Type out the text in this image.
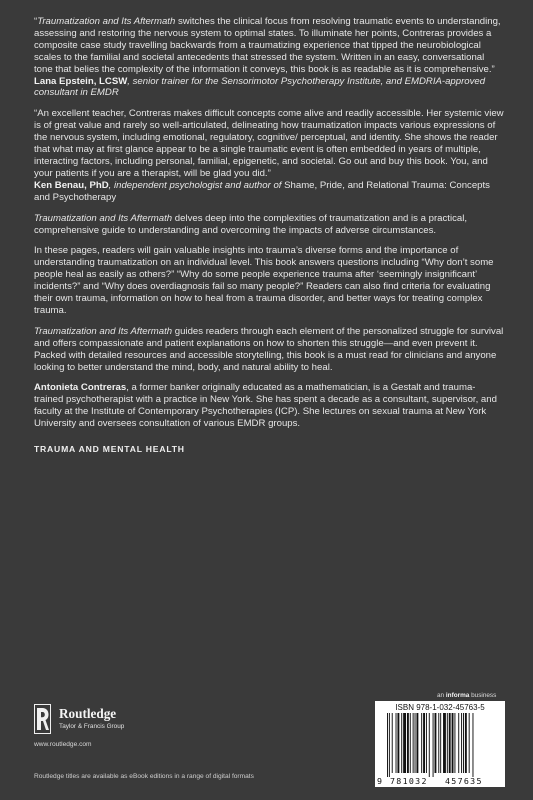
“Traumatization and Its Aftermath switches the clinical focus from resolving traumatic events to understanding, assessing and restoring the nervous system to optimal states. To illuminate her points, Contreras provides a composite case study travelling backwards from a traumatizing experience that tipped the neurobiological scales to the familial and societal antecedents that stressed the system. Written in an easy, conversational tone that belies the complexity of the information it conveys, this book is as readable as it is comprehensive.”
Lana Epstein, LCSW, senior trainer for the Sensorimotor Psychotherapy Institute, and EMDRIA-approved consultant in EMDR

“An excellent teacher, Contreras makes difficult concepts come alive and readily accessible. Her systemic view is of great value and rarely so well-articulated, delineating how traumatization impacts various expressions of the nervous system, including emotional, regulatory, cognitive/ perceptual, and identity. She shows the reader that what may at first glance appear to be a single traumatic event is often embedded in years of multiple, interacting factors, including personal, familial, epigenetic, and societal. Go out and buy this book. You, and your patients if you are a therapist, will be glad you did.”
Ken Benau, PhD, independent psychologist and author of Shame, Pride, and Relational Trauma: Concepts and Psychotherapy

Traumatization and Its Aftermath delves deep into the complexities of traumatization and is a practical, comprehensive guide to understanding and overcoming the impacts of adverse circumstances.

In these pages, readers will gain valuable insights into trauma’s diverse forms and the importance of understanding traumatization on an individual level. This book answers questions including “Why don’t some people heal as easily as others?” “Why do some people experience trauma after ‘seemingly insignificant’ incidents?” and “Why does overdiagnosis fail so many people?” Readers can also find criteria for evaluating their own trauma, information on how to heal from a trauma disorder, and better ways for treating complex trauma.

Traumatization and Its Aftermath guides readers through each element of the personalized struggle for survival and offers compassionate and patient explanations on how to shorten this struggle—and even prevent it. Packed with detailed resources and accessible storytelling, this book is a must read for clinicians and anyone looking to better understand the mind, body, and natural ability to heal.

Antonieta Contreras, a former banker originally educated as a mathematician, is a Gestalt and trauma-trained psychotherapist with a practice in New York. She has spent a decade as a consultant, supervisor, and faculty at the Institute of Contemporary Psychotherapies (ICP). She lectures on sexual trauma at New York University and oversees consultation of various EMDR groups.

TRAUMA AND MENTAL HEALTH

an informa business
Routledge
Taylor & Francis Group
www.routledge.com
Routledge titles are available as eBook editions in a range of digital formats
ISBN 978-1-032-45763-5
9 781032 457635
